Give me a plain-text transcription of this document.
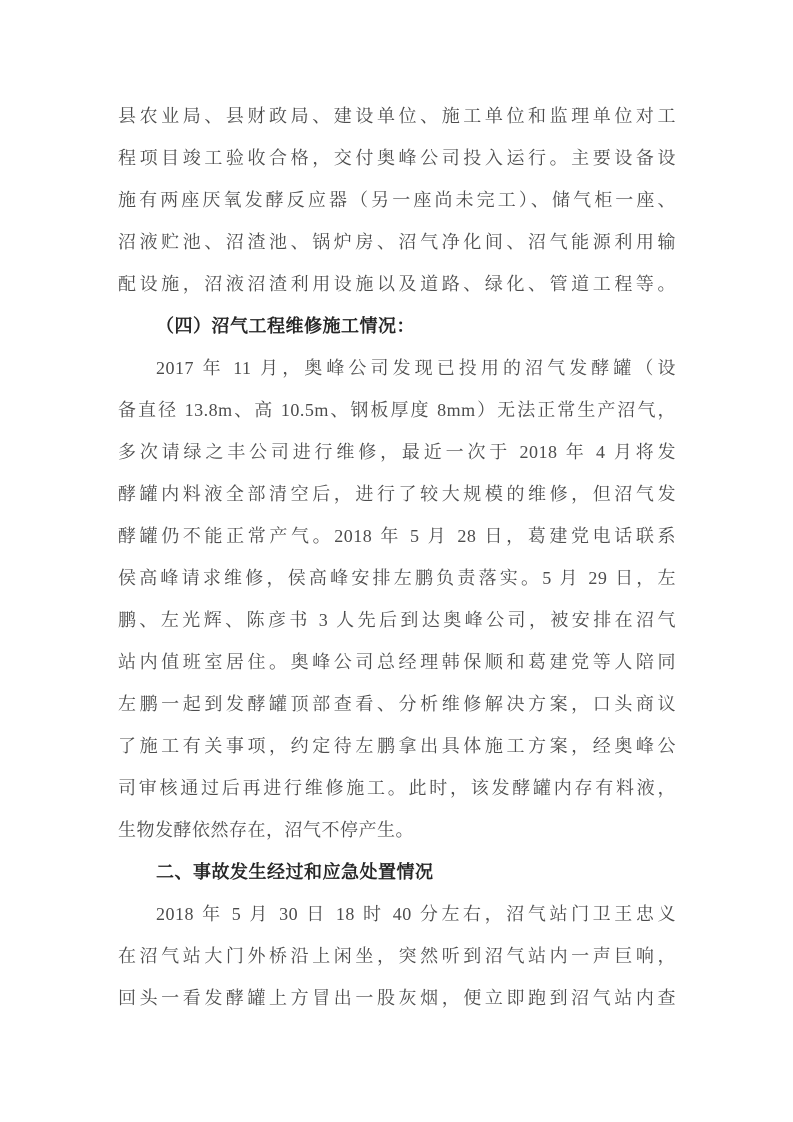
县农业局、县财政局、建设单位、施工单位和监理单位对工
程项目竣工验收合格，交付奥峰公司投入运行。主要设备设
施有两座厌氧发酵反应器（另一座尚未完工）、储气柜一座、
沼液贮池、沼渣池、锅炉房、沼气净化间、沼气能源利用输
配设施，沼液沼渣利用设施以及道路、绿化、管道工程等。
（四）沼气工程维修施工情况：
2017 年 11 月，奥峰公司发现已投用的沼气发酵罐（设
备直径 13.8m、高 10.5m、钢板厚度 8mm）无法正常生产沼气，
多次请绿之丰公司进行维修，最近一次于 2018 年 4 月将发
酵罐内料液全部清空后，进行了较大规模的维修，但沼气发
酵罐仍不能正常产气。2018 年 5 月 28 日，葛建党电话联系
侯高峰请求维修，侯高峰安排左鹏负责落实。5 月 29 日，左
鹏、左光辉、陈彦书 3 人先后到达奥峰公司，被安排在沼气
站内值班室居住。奥峰公司总经理韩保顺和葛建党等人陪同
左鹏一起到发酵罐顶部查看、分析维修解决方案，口头商议
了施工有关事项，约定待左鹏拿出具体施工方案，经奥峰公
司审核通过后再进行维修施工。此时，该发酵罐内存有料液，
生物发酵依然存在，沼气不停产生。
二、事故发生经过和应急处置情况
2018 年 5 月 30 日 18 时 40 分左右，沼气站门卫王忠义
在沼气站大门外桥沿上闲坐，突然听到沼气站内一声巨响，
回头一看发酵罐上方冒出一股灰烟，便立即跑到沼气站内查
